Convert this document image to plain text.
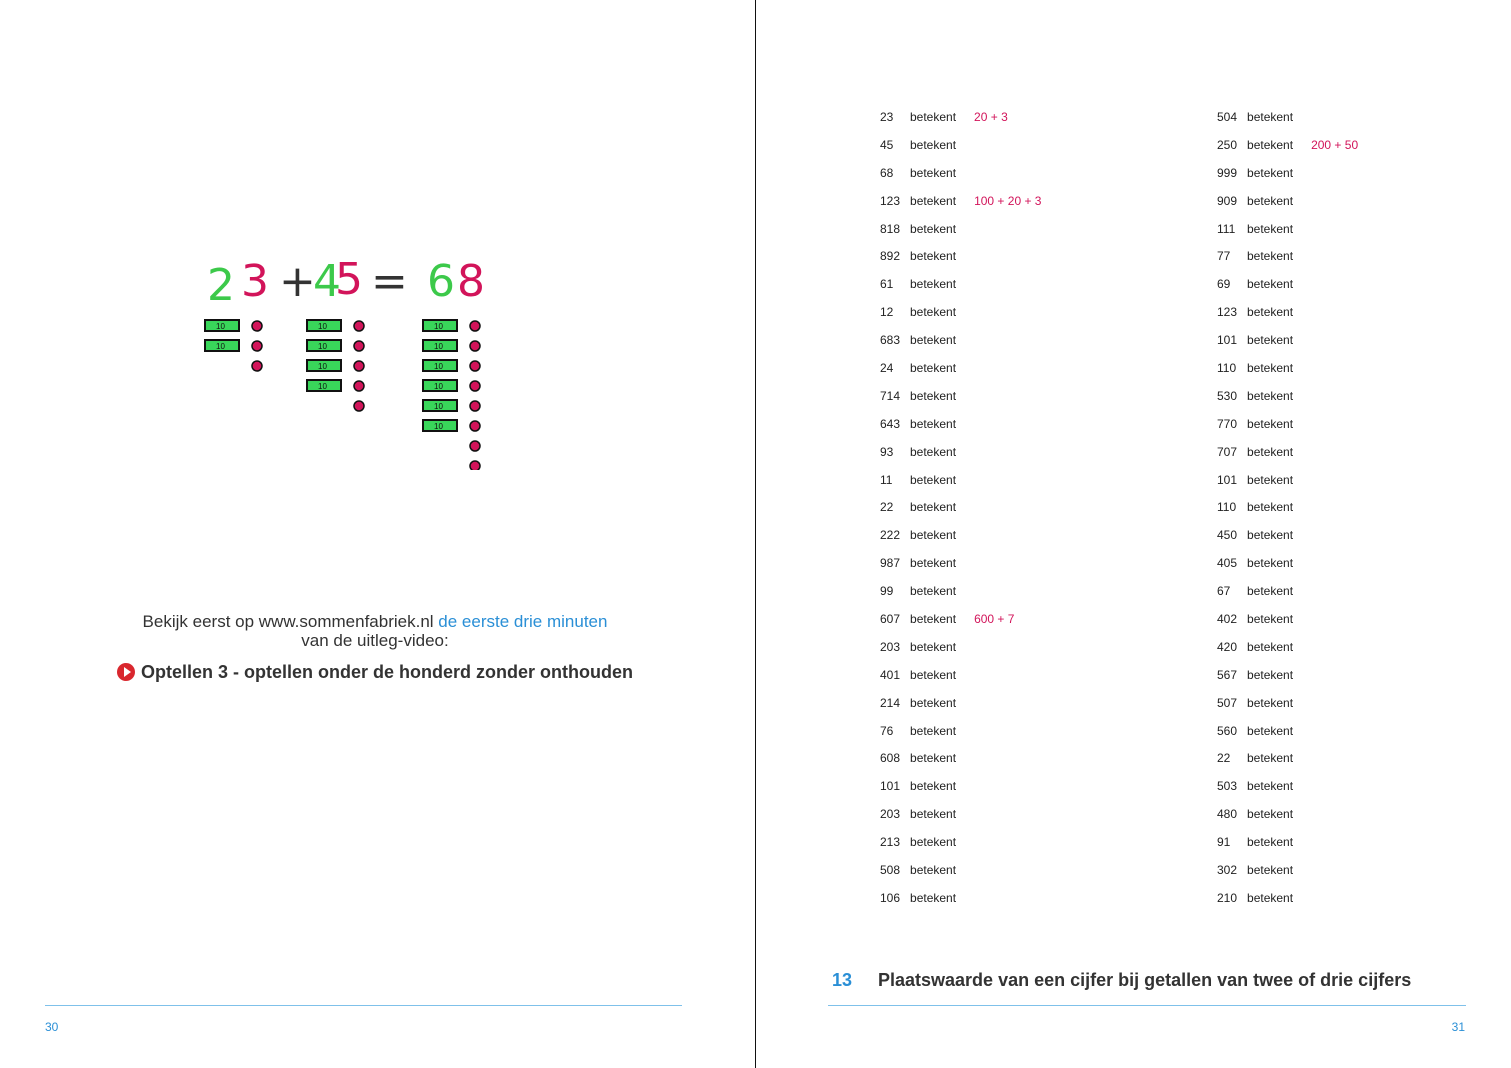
2 3 +
4
5 = 6 8
10
10
10
10
10
10
10
10
10
10
10
10
Bekijk eerst op www.sommenfabriek.nl de eerste drie minuten
van de uitleg-video:
Optellen 3 - optellen onder de honderd zonder onthouden
30
23 betekent 20 + 3
45 betekent
68 betekent
123 betekent 100 + 20 + 3
818 betekent
892 betekent
61 betekent
12 betekent
683 betekent
24 betekent
714 betekent
643 betekent
93 betekent
11 betekent
22 betekent
222 betekent
987 betekent
99 betekent
607 betekent 600 + 7
203 betekent
401 betekent
214 betekent
76 betekent
608 betekent
101 betekent
203 betekent
213 betekent
508 betekent
106 betekent
504 betekent
250 betekent 200 + 50
999 betekent
909 betekent
111 betekent
77 betekent
69 betekent
123 betekent
101 betekent
110 betekent
530 betekent
770 betekent
707 betekent
101 betekent
110 betekent
450 betekent
405 betekent
67 betekent
402 betekent
420 betekent
567 betekent
507 betekent
560 betekent
22 betekent
503 betekent
480 betekent
91 betekent
302 betekent
210 betekent
13 Plaatswaarde van een cijfer bij getallen van twee of drie cijfers
31
